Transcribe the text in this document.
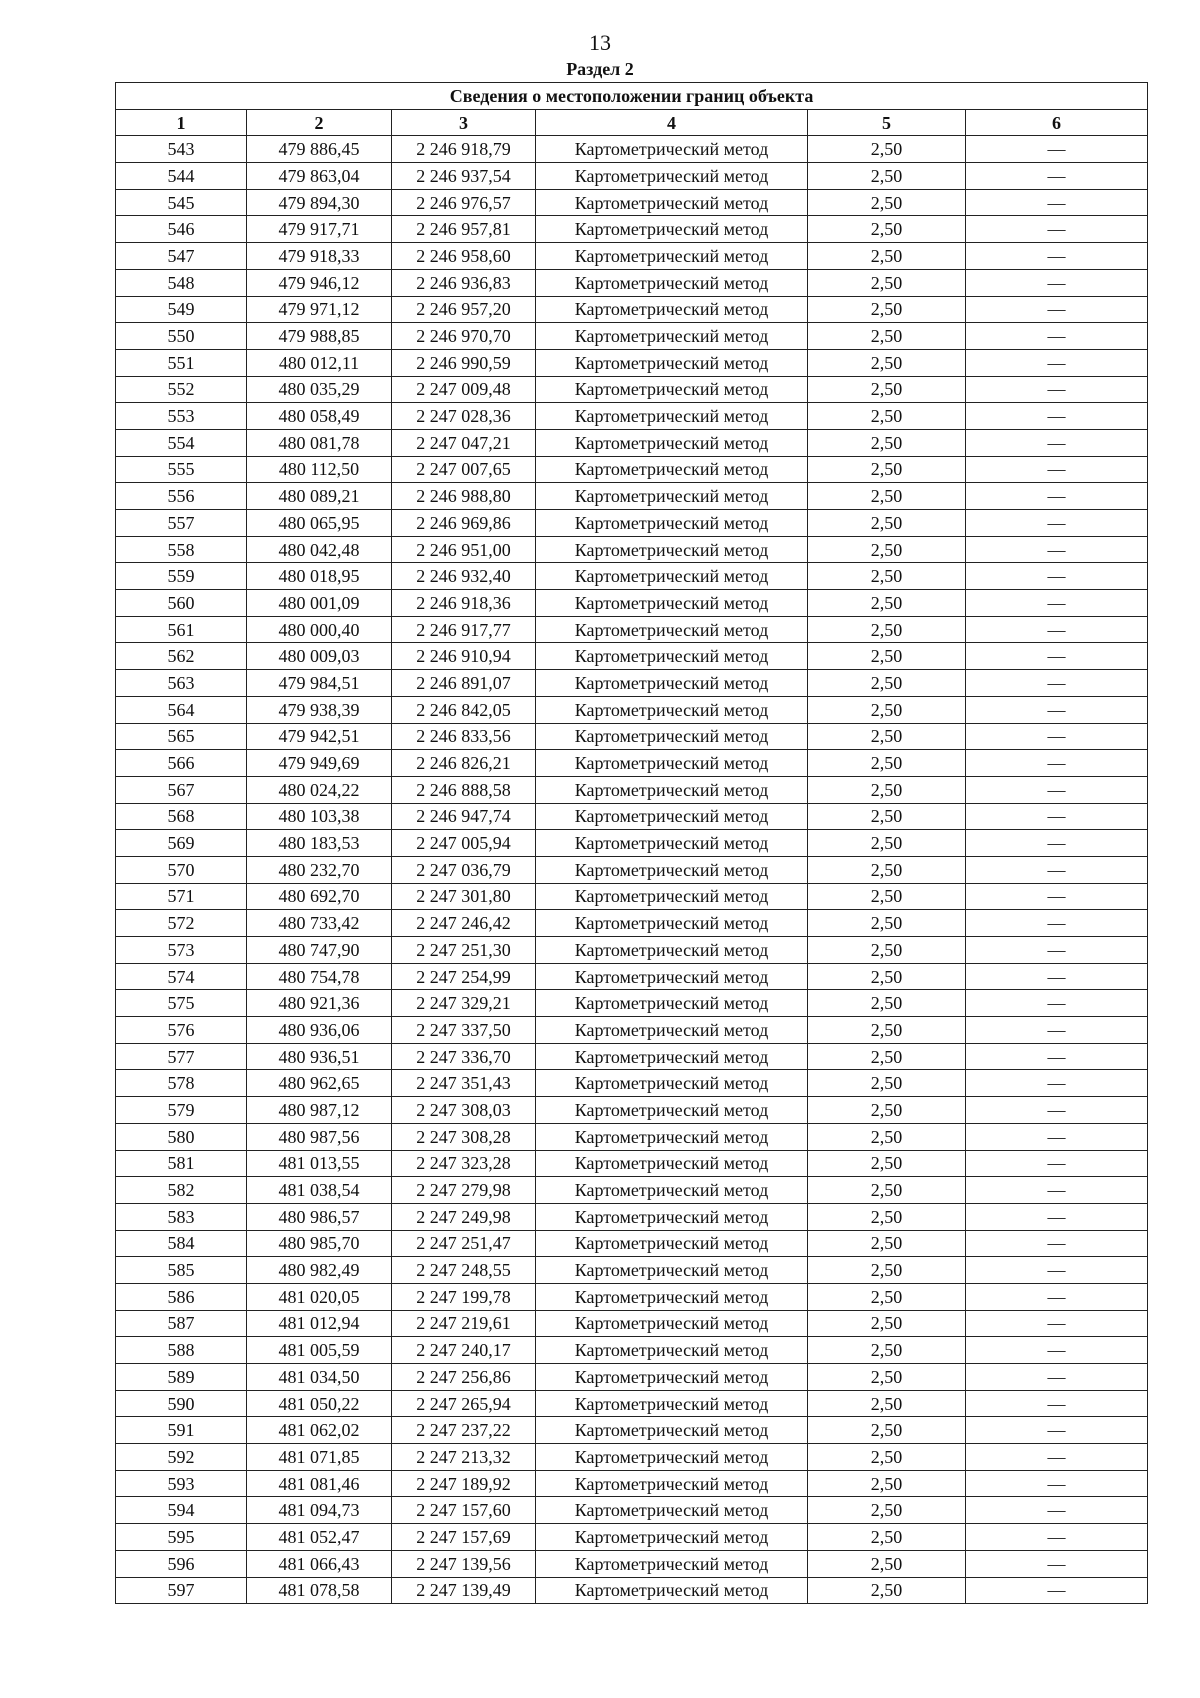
13
Раздел 2
Сведения о местоположении границ объекта					
1	2	3	4	5	6
543	479 886,45	2 246 918,79	Картометрический метод	2,50	—
544	479 863,04	2 246 937,54	Картометрический метод	2,50	—
545	479 894,30	2 246 976,57	Картометрический метод	2,50	—
546	479 917,71	2 246 957,81	Картометрический метод	2,50	—
547	479 918,33	2 246 958,60	Картометрический метод	2,50	—
548	479 946,12	2 246 936,83	Картометрический метод	2,50	—
549	479 971,12	2 246 957,20	Картометрический метод	2,50	—
550	479 988,85	2 246 970,70	Картометрический метод	2,50	—
551	480 012,11	2 246 990,59	Картометрический метод	2,50	—
552	480 035,29	2 247 009,48	Картометрический метод	2,50	—
553	480 058,49	2 247 028,36	Картометрический метод	2,50	—
554	480 081,78	2 247 047,21	Картометрический метод	2,50	—
555	480 112,50	2 247 007,65	Картометрический метод	2,50	—
556	480 089,21	2 246 988,80	Картометрический метод	2,50	—
557	480 065,95	2 246 969,86	Картометрический метод	2,50	—
558	480 042,48	2 246 951,00	Картометрический метод	2,50	—
559	480 018,95	2 246 932,40	Картометрический метод	2,50	—
560	480 001,09	2 246 918,36	Картометрический метод	2,50	—
561	480 000,40	2 246 917,77	Картометрический метод	2,50	—
562	480 009,03	2 246 910,94	Картометрический метод	2,50	—
563	479 984,51	2 246 891,07	Картометрический метод	2,50	—
564	479 938,39	2 246 842,05	Картометрический метод	2,50	—
565	479 942,51	2 246 833,56	Картометрический метод	2,50	—
566	479 949,69	2 246 826,21	Картометрический метод	2,50	—
567	480 024,22	2 246 888,58	Картометрический метод	2,50	—
568	480 103,38	2 246 947,74	Картометрический метод	2,50	—
569	480 183,53	2 247 005,94	Картометрический метод	2,50	—
570	480 232,70	2 247 036,79	Картометрический метод	2,50	—
571	480 692,70	2 247 301,80	Картометрический метод	2,50	—
572	480 733,42	2 247 246,42	Картометрический метод	2,50	—
573	480 747,90	2 247 251,30	Картометрический метод	2,50	—
574	480 754,78	2 247 254,99	Картометрический метод	2,50	—
575	480 921,36	2 247 329,21	Картометрический метод	2,50	—
576	480 936,06	2 247 337,50	Картометрический метод	2,50	—
577	480 936,51	2 247 336,70	Картометрический метод	2,50	—
578	480 962,65	2 247 351,43	Картометрический метод	2,50	—
579	480 987,12	2 247 308,03	Картометрический метод	2,50	—
580	480 987,56	2 247 308,28	Картометрический метод	2,50	—
581	481 013,55	2 247 323,28	Картометрический метод	2,50	—
582	481 038,54	2 247 279,98	Картометрический метод	2,50	—
583	480 986,57	2 247 249,98	Картометрический метод	2,50	—
584	480 985,70	2 247 251,47	Картометрический метод	2,50	—
585	480 982,49	2 247 248,55	Картометрический метод	2,50	—
586	481 020,05	2 247 199,78	Картометрический метод	2,50	—
587	481 012,94	2 247 219,61	Картометрический метод	2,50	—
588	481 005,59	2 247 240,17	Картометрический метод	2,50	—
589	481 034,50	2 247 256,86	Картометрический метод	2,50	—
590	481 050,22	2 247 265,94	Картометрический метод	2,50	—
591	481 062,02	2 247 237,22	Картометрический метод	2,50	—
592	481 071,85	2 247 213,32	Картометрический метод	2,50	—
593	481 081,46	2 247 189,92	Картометрический метод	2,50	—
594	481 094,73	2 247 157,60	Картометрический метод	2,50	—
595	481 052,47	2 247 157,69	Картометрический метод	2,50	—
596	481 066,43	2 247 139,56	Картометрический метод	2,50	—
597	481 078,58	2 247 139,49	Картометрический метод	2,50	—
